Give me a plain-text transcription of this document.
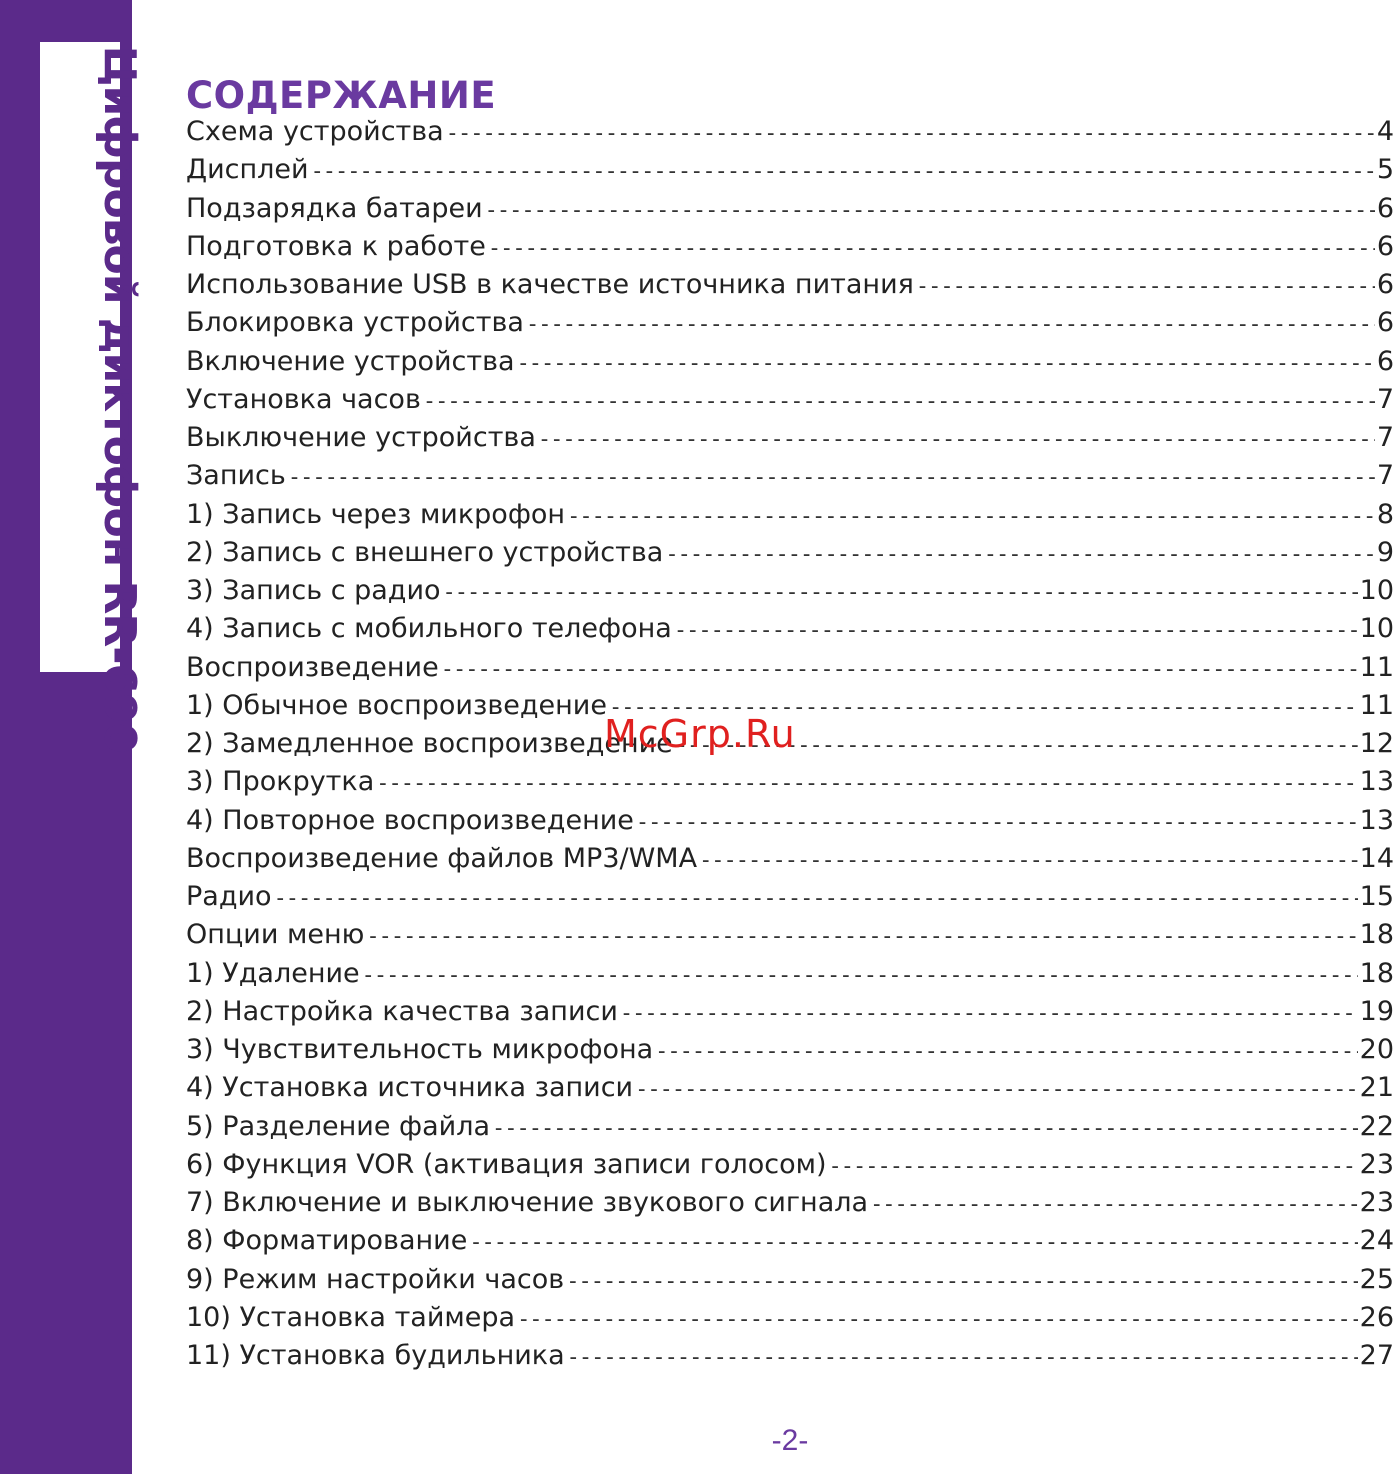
Цифровой диктофон RR-690	СОДЕРЖАНИЕ
Схема устройства -----	4
Дисплей -----	5
Подзарядка батареи -----	6
Подготовка к работе -----	6
Использование USB в качестве источника питания -----	6
Блокировка устройства -----	6
Включение устройства -----	6
Установка часов -----	7
Выключение устройства -----	7
Запись -----	7
1) Запись через микрофон -----	8
2) Запись с внешнего устройства -----	9
3) Запись с радио -----	10
4) Запись с мобильного телефона -----	10
Воспроизведение -----	11
1) Обычное воспроизведение -----	11
2) Замедленное воспроизведение -----	12
3) Прокрутка -----	13
4) Повторное воспроизведение -----	13
Воспроизведение файлов MP3/WMA -----	14
Радио -----	15
Опции меню -----	18
1) Удаление -----	18
2) Настройка качества записи -----	19
3) Чувствительность микрофона -----	20
4) Установка источника записи -----	21
5) Разделение файла -----	22
6) Функция VOR (активация записи голосом) -----	23
7) Включение и выключение звукового сигнала -----	23
8) Форматирование -----	24
9) Режим настройки часов -----	25
10) Установка таймера -----	26
11) Установка будильника -----	27
McGrp.Ru
-2-
